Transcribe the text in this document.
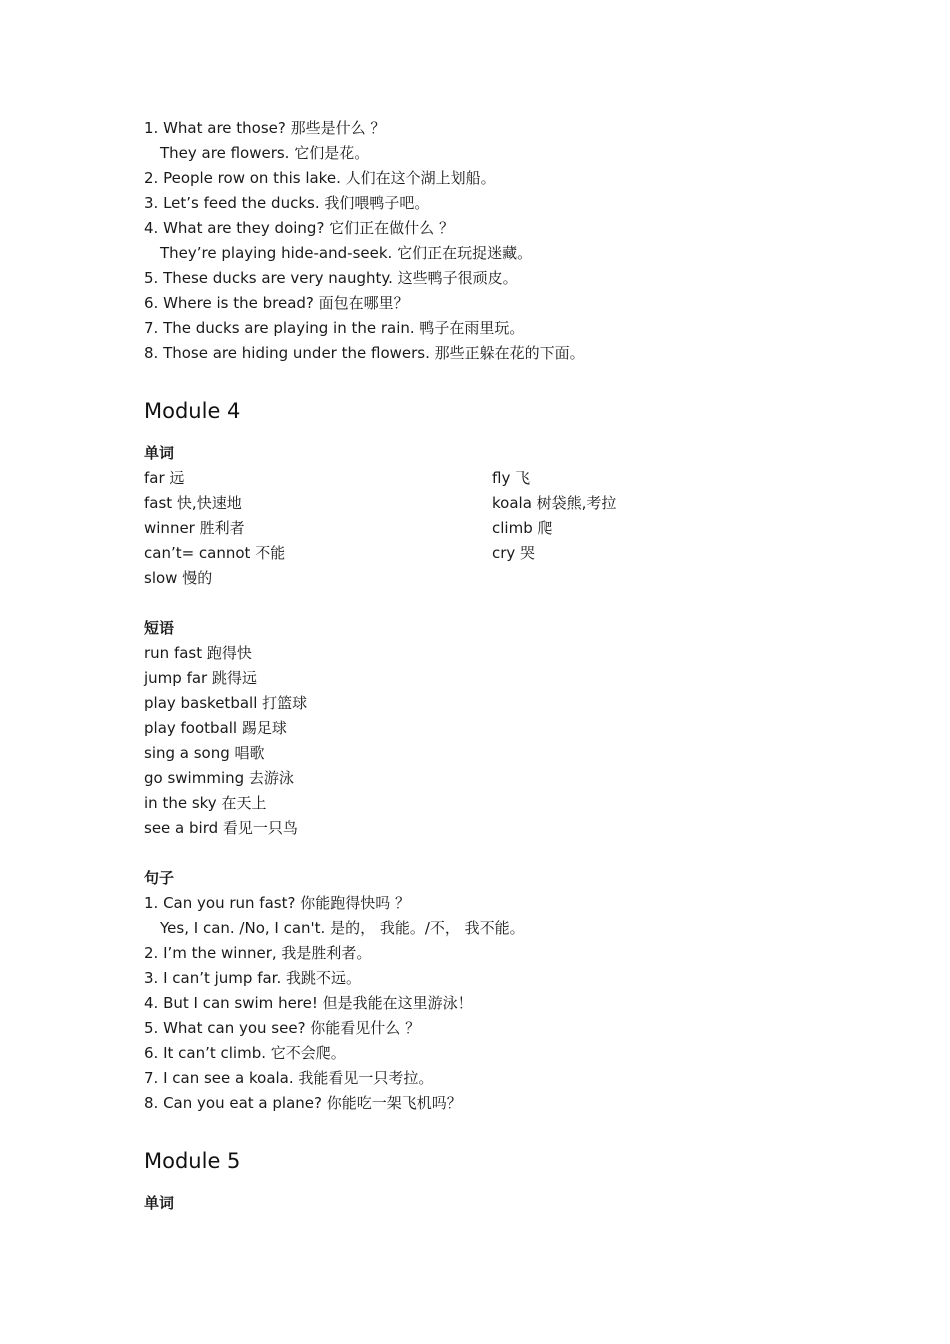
1. What are those? 那些是什么 ？
They are flowers. 它们是花。
2. People row on this lake. 人们在这个湖上划船。
3. Let’s feed the ducks. 我们喂鸭子吧。
4. What are they doing? 它们正在做什么 ？
They’re playing hide-and-seek. 它们正在玩捉迷藏。
5. These ducks are very naughty. 这些鸭子很顽皮。
6. Where is the bread? 面包在哪里？
7. The ducks are playing in the rain. 鸭子在雨里玩。
8. Those are hiding under the flowers. 那些正躲在花的下面。
Module 4
单词
far 远
fast 快,快速地
winner 胜利者
can’t= cannot 不能
slow 慢的
fly 飞
koala 树袋熊,考拉
climb 爬
cry 哭
短语
run fast 跑得快
jump far 跳得远
play basketball 打篮球
play football 踢足球
sing a song 唱歌
go swimming 去游泳
in the sky 在天上
see a bird 看见一只鸟
句子
1. Can you run fast? 你能跑得快吗 ？
Yes, I can. /No, I can't. 是的， 我能。/不， 我不能。
2. I’m the winner, 我是胜利者。
3. I can’t jump far. 我跳不远。
4. But I can swim here! 但是我能在这里游泳！
5. What can you see? 你能看见什么 ？
6. It can’t climb. 它不会爬。
7. I can see a koala. 我能看见一只考拉。
8. Can you eat a plane? 你能吃一架飞机吗？
Module 5
单词
